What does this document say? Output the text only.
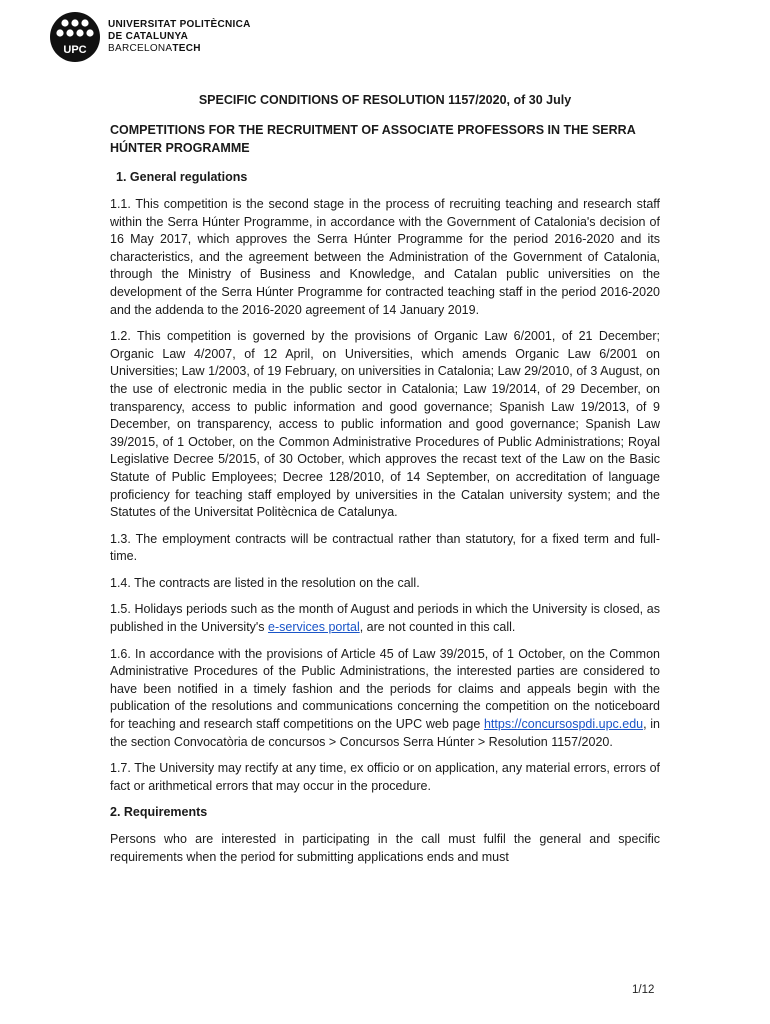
UPC
UNIVERSITAT POLITÈCNICA
DE CATALUNYA
BARCELONATECH
SPECIFIC CONDITIONS OF RESOLUTION 1157/2020, of 30 July
COMPETITIONS FOR THE RECRUITMENT OF ASSOCIATE PROFESSORS IN THE SERRA HÚNTER PROGRAMME
1. General regulations

1.1. This competition is the second stage in the process of recruiting teaching and research staff within the Serra Húnter Programme, in accordance with the Government of Catalonia's decision of 16 May 2017, which approves the Serra Húnter Programme for the period 2016-2020 and its characteristics, and the agreement between the Administration of the Government of Catalonia, through the Ministry of Business and Knowledge, and Catalan public universities on the development of the Serra Húnter Programme for contracted teaching staff in the period 2016-2020 and the addenda to the 2016-2020 agreement of 14 January 2019.

1.2. This competition is governed by the provisions of Organic Law 6/2001, of 21 December; Organic Law 4/2007, of 12 April, on Universities, which amends Organic Law 6/2001 on Universities; Law 1/2003, of 19 February, on universities in Catalonia; Law 29/2010, of 3 August, on the use of electronic media in the public sector in Catalonia; Law 19/2014, of 29 December, on transparency, access to public information and good governance; Spanish Law 19/2013, of 9 December, on transparency, access to public information and good governance; Spanish Law 39/2015, of 1 October, on the Common Administrative Procedures of Public Administrations; Royal Legislative Decree 5/2015, of 30 October, which approves the recast text of the Law on the Basic Statute of Public Employees; Decree 128/2010, of 14 September, on accreditation of language proficiency for teaching staff employed by universities in the Catalan university system; and the Statutes of the Universitat Politècnica de Catalunya.

1.3. The employment contracts will be contractual rather than statutory, for a fixed term and full-time.

1.4. The contracts are listed in the resolution on the call.

1.5. Holidays periods such as the month of August and periods in which the University is closed, as published in the University's e-services portal, are not counted in this call.

1.6. In accordance with the provisions of Article 45 of Law 39/2015, of 1 October, on the Common Administrative Procedures of the Public Administrations, the interested parties are considered to have been notified in a timely fashion and the periods for claims and appeals begin with the publication of the resolutions and communications concerning the competition on the noticeboard for teaching and research staff competitions on the UPC web page https://concursospdi.upc.edu, in the section Convocatòria de concursos > Concursos Serra Húnter > Resolution 1157/2020.

1.7. The University may rectify at any time, ex officio or on application, any material errors, errors of fact or arithmetical errors that may occur in the procedure.

2. Requirements

Persons who are interested in participating in the call must fulfil the general and specific requirements when the period for submitting applications ends and must

1/12
